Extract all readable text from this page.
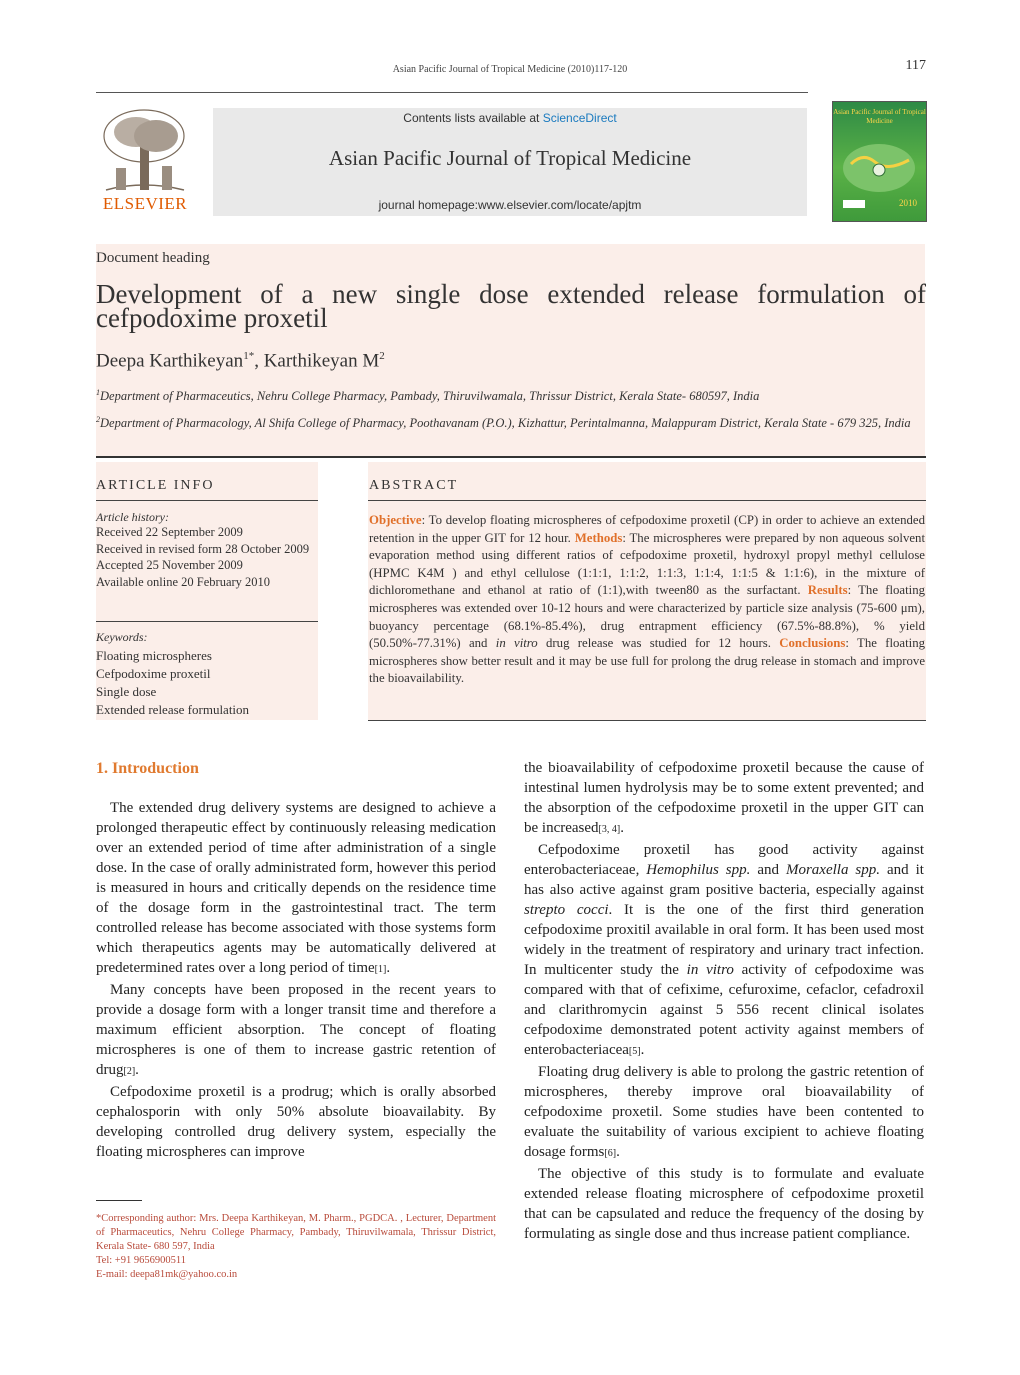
Asian Pacific Journal of Tropical Medicine (2010)117-120	117
ELSEVIER
Contents lists available at ScienceDirect
Asian Pacific Journal of Tropical Medicine
journal homepage:www.elsevier.com/locate/apjtm
Asian Pacific Journal of Tropical Medicine
2010
Document heading
Development of a new single dose extended release formulation of cefpodoxime proxetil
Deepa Karthikeyan$^{1*}$, Karthikeyan $M^2$
$^1$Department of Pharmaceutics, Nehru College Pharmacy, Pambady, Thiruvilwamala, Thrissur District, Kerala State- 680597, India
$^2$Department of Pharmacology, Al Shifa College of Pharmacy, Poothavanam (P.O.), Kizhattur, Perintalmanna, Malappuram District, Kerala State - 679 325, India
ARTICLE INFO
Article history:
Received 22 September 2009
Received in revised form 28 October 2009
Accepted 25 November 2009
Available online 20 February 2010
Keywords:
Floating microspheres
Cefpodoxime proxetil
Single dose
Extended release formulation
ABSTRACT
Objective: To develop floating microspheres of cefpodoxime proxetil (CP) in order to achieve an extended retention in the upper GIT for 12 hour. Methods: The microspheres were prepared by non aqueous solvent evaporation method using different ratios of cefpodoxime proxetil, hydroxyl propyl methyl cellulose (HPMC K4M ) and ethyl cellulose (1:1:1, 1:1:2, 1:1:3, 1:1:4, 1:1:5 & 1:1:6), in the mixture of dichloromethane and ethanol at ratio of (1:1),with tween80 as the surfactant. Results: The floating microspheres was extended over 10-12 hours and were characterized by particle size analysis (75-600 μm), buoyancy percentage (68.1%-85.4%), drug entrapment efficiency (67.5%-88.8%), % yield (50.50%-77.31%) and in vitro drug release was studied for 12 hours. Conclusions: The floating microspheres show better result and it may be use full for prolong the drug release in stomach and improve the bioavailability.
1. Introduction

The extended drug delivery systems are designed to achieve a prolonged therapeutic effect by continuously releasing medication over an extended period of time after administration of a single dose. In the case of orally administrated form, however this period is measured in hours and critically depends on the residence time of the dosage form in the gastrointestinal tract. The term controlled release has become associated with those systems form which therapeutics agents may be automatically delivered at predetermined rates over a long period of time[1].

Many concepts have been proposed in the recent years to provide a dosage form with a longer transit time and therefore a maximum efficient absorption. The concept of floating microspheres is one of them to increase gastric retention of drug[2].

Cefpodoxime proxetil is a prodrug; which is orally absorbed cephalosporin with only 50% absolute bioavailabity. By developing controlled drug delivery system, especially the floating microspheres can improve

the bioavailability of cefpodoxime proxetil because the cause of intestinal lumen hydrolysis may be to some extent prevented; and the absorption of the cefpodoxime proxetil in the upper GIT can be increased[3, 4].

Cefpodoxime proxetil has good activity against enterobacteriaceae, Hemophilus spp. and Moraxella spp. and it has also active against gram positive bacteria, especially against strepto cocci. It is the one of the first third generation cefpodoxime proxitil available in oral form. It has been used most widely in the treatment of respiratory and urinary tract infection. In multicenter study the in vitro activity of cefpodoxime was compared with that of cefixime, cefuroxime, cefaclor, cefadroxil and clarithromycin against 5 556 recent clinical isolates cefpodoxime demonstrated potent activity against members of enterobacteriacea[5].

Floating drug delivery is able to prolong the gastric retention of microspheres, thereby improve oral bioavailability of cefpodoxime proxetil. Some studies have been contented to evaluate the suitability of various excipient to achieve floating dosage forms[6].

The objective of this study is to formulate and evaluate extended release floating microsphere of cefpodoxime proxetil that can be capsulated and reduce the frequency of the dosing by formulating as single dose and thus increase patient compliance.

*Corresponding author: Mrs. Deepa Karthikeyan, M. Pharm., PGDCA. , Lecturer, Department of Pharmaceutics, Nehru College Pharmacy, Pambady, Thiruvilwamala, Thrissur District, Kerala State- 680 597, India
Tel: +91 9656900511
E-mail: deepa81mk@yahoo.co.in
